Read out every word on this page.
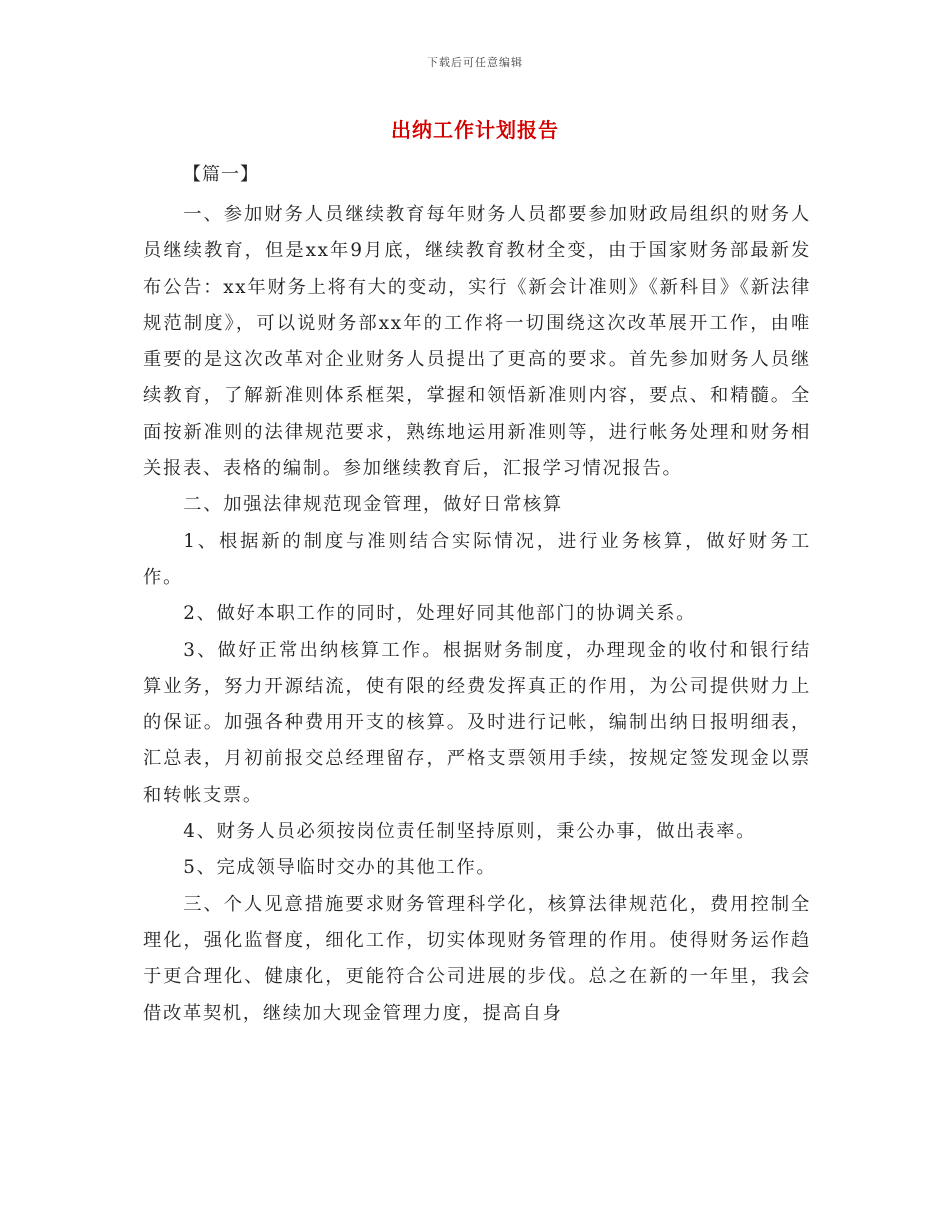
下载后可任意编辑
出纳工作计划报告
【篇一】

一、参加财务人员继续教育每年财务人员都要参加财政局组织的财务人员继续教育，但是xx年9月底，继续教育教材全变，由于国家财务部最新发布公告：xx年财务上将有大的变动，实行《新会计准则》《新科目》《新法律规范制度》，可以说财务部xx年的工作将一切围绕这次改革展开工作，由唯重要的是这次改革对企业财务人员提出了更高的要求。首先参加财务人员继续教育，了解新准则体系框架，掌握和领悟新准则内容，要点、和精髓。全面按新准则的法律规范要求，熟练地运用新准则等，进行帐务处理和财务相关报表、表格的编制。参加继续教育后，汇报学习情况报告。

二、加强法律规范现金管理，做好日常核算

1、根据新的制度与准则结合实际情况，进行业务核算，做好财务工作。

2、做好本职工作的同时，处理好同其他部门的协调关系。

3、做好正常出纳核算工作。根据财务制度，办理现金的收付和银行结算业务，努力开源结流，使有限的经费发挥真正的作用，为公司提供财力上的保证。加强各种费用开支的核算。及时进行记帐，编制出纳日报明细表，汇总表，月初前报交总经理留存，严格支票领用手续，按规定签发现金以票和转帐支票。

4、财务人员必须按岗位责任制坚持原则，秉公办事，做出表率。

5、完成领导临时交办的其他工作。

三、个人见意措施要求财务管理科学化，核算法律规范化，费用控制全理化，强化监督度，细化工作，切实体现财务管理的作用。使得财务运作趋于更合理化、健康化，更能符合公司进展的步伐。总之在新的一年里，我会借改革契机，继续加大现金管理力度，提高自身
